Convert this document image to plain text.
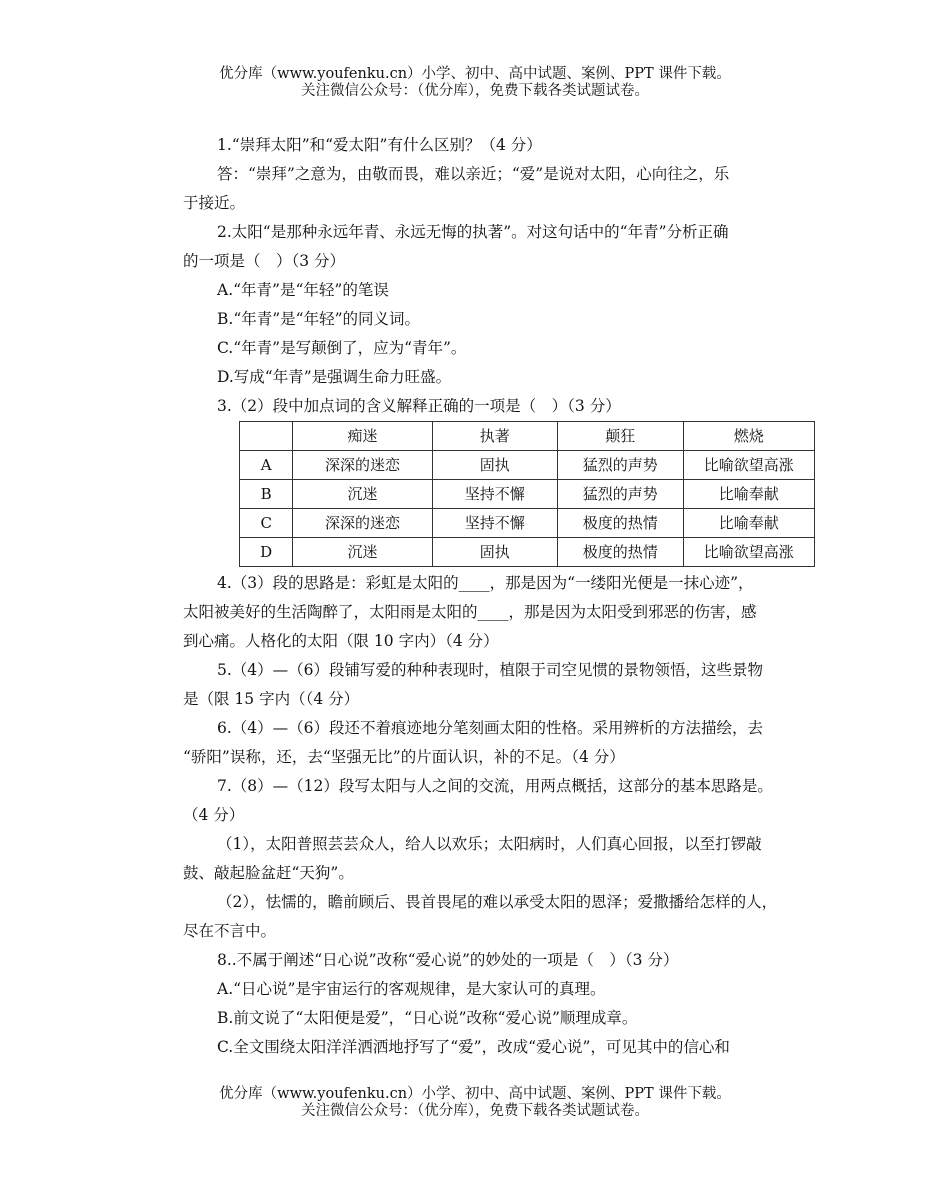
优分库（www.youfenku.cn）小学、初中、高中试题、案例、PPT 课件下载。
关注微信公众号：（优分库），免费下载各类试题试卷。

1.“崇拜太阳”和“爱太阳”有什么区别？（4 分）

答：“崇拜”之意为，由敬而畏，难以亲近；“爱”是说对太阳，心向往之，乐

于接近。

2.太阳“是那种永远年青、永远无悔的执著”。对这句话中的“年青”分析正确

的一项是（　）（3 分）

A.“年青”是“年轻”的笔误

B.“年青”是“年轻”的同义词。

C.“年青”是写颠倒了，应为“青年”。

D.写成“年青”是强调生命力旺盛。

3.（2）段中加点词的含义解释正确的一项是（　）（3 分）

	痴迷	执著	颠狂	燃烧
A	深深的迷恋	固执	猛烈的声势	比喻欲望高涨
B	沉迷	坚持不懈	猛烈的声势	比喻奉献
C	深深的迷恋	坚持不懈	极度的热情	比喻奉献
D	沉迷	固执	极度的热情	比喻欲望高涨

4.（3）段的思路是：彩虹是太阳的____，那是因为“一缕阳光便是一抹心迹”，

太阳被美好的生活陶醉了，太阳雨是太阳的____，那是因为太阳受到邪恶的伤害，感

到心痛。人格化的太阳（限 10 字内）（4 分）

5.（4）—（6）段铺写爱的种种表现时，植限于司空见惯的景物领悟，这些景物

是（限 15 字内（（4 分）

6.（4）—（6）段还不着痕迹地分笔刻画太阳的性格。采用辨析的方法描绘，去

“骄阳”误称，还，去“坚强无比”的片面认识，补的不足。（4 分）

7.（8）—（12）段写太阳与人之间的交流，用两点概括，这部分的基本思路是。

（4 分）

（1），太阳普照芸芸众人，给人以欢乐；太阳病时，人们真心回报，以至打锣敲

鼓、敲起脸盆赶“天狗”。

（2），怯懦的，瞻前顾后、畏首畏尾的难以承受太阳的恩泽；爱撒播给怎样的人，

尽在不言中。

8..不属于阐述“日心说”改称“爱心说”的妙处的一项是（　）（3 分）

A.“日心说”是宇宙运行的客观规律，是大家认可的真理。

B.前文说了“太阳便是爱”，“日心说”改称“爱心说”顺理成章。

C.全文围绕太阳洋洋洒洒地抒写了“爱”，改成“爱心说”，可见其中的信心和

优分库（www.youfenku.cn）小学、初中、高中试题、案例、PPT 课件下载。
关注微信公众号：（优分库），免费下载各类试题试卷。
